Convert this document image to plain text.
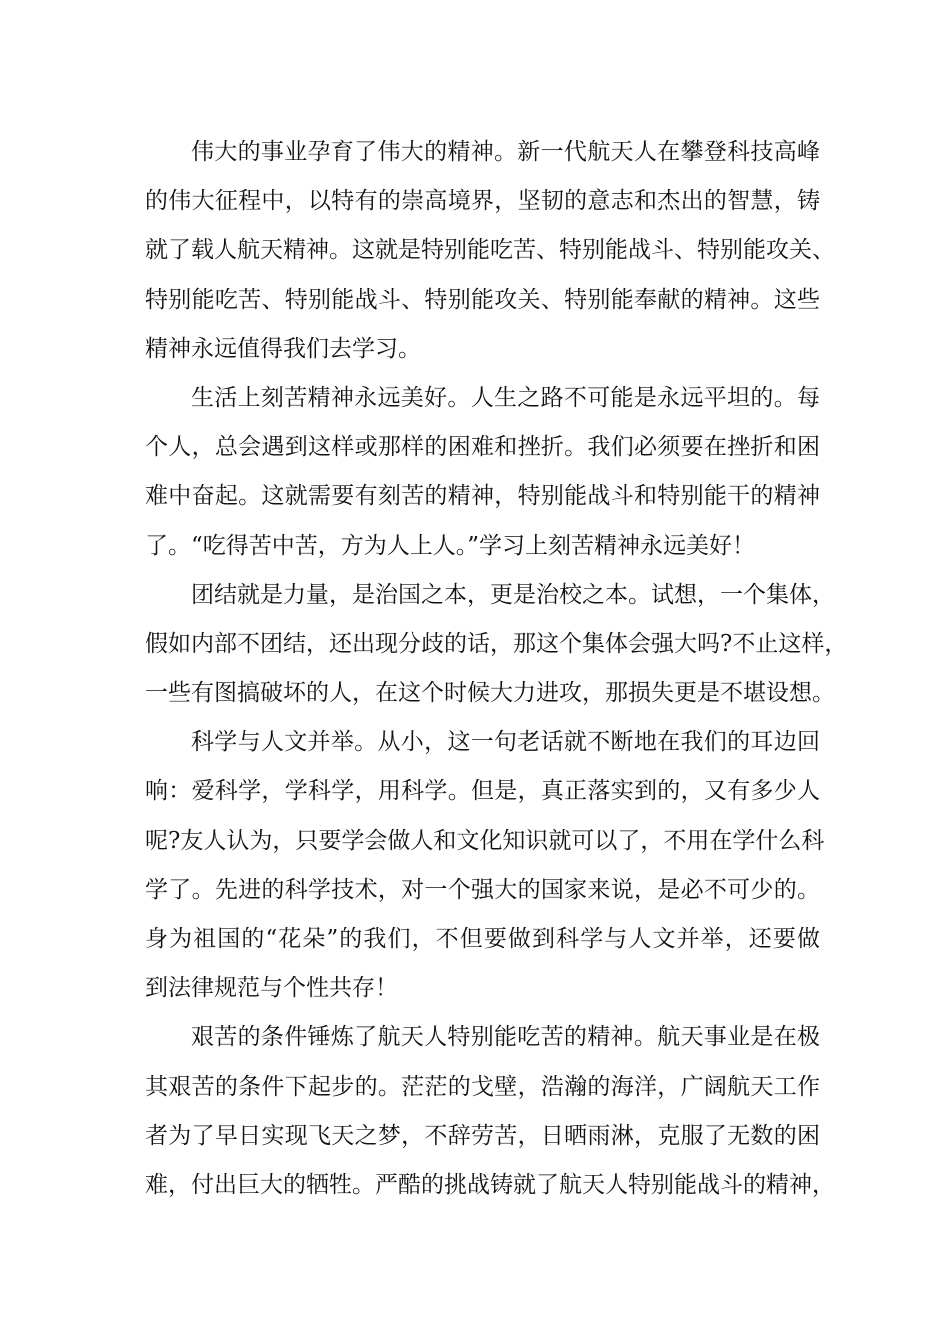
伟大的事业孕育了伟大的精神。新一代航天人在攀登科技高峰
的伟大征程中，以特有的崇高境界，坚韧的意志和杰出的智慧，铸
就了载人航天精神。这就是特别能吃苦、特别能战斗、特别能攻关、
特别能吃苦、特别能战斗、特别能攻关、特别能奉献的精神。这些
精神永远值得我们去学习。
生活上刻苦精神永远美好。人生之路不可能是永远平坦的。每
个人，总会遇到这样或那样的困难和挫折。我们必须要在挫折和困
难中奋起。这就需要有刻苦的精神，特别能战斗和特别能干的精神
了。“吃得苦中苦，方为人上人。”学习上刻苦精神永远美好！
团结就是力量，是治国之本，更是治校之本。试想，一个集体，
假如内部不团结，还出现分歧的话，那这个集体会强大吗?不止这样，
一些有图搞破坏的人，在这个时候大力进攻，那损失更是不堪设想。
科学与人文并举。从小，这一句老话就不断地在我们的耳边回
响：爱科学，学科学，用科学。但是，真正落实到的，又有多少人
呢?友人认为，只要学会做人和文化知识就可以了，不用在学什么科
学了。先进的科学技术，对一个强大的国家来说，是必不可少的。
身为祖国的“花朵”的我们，不但要做到科学与人文并举，还要做
到法律规范与个性共存！
艰苦的条件锤炼了航天人特别能吃苦的精神。航天事业是在极
其艰苦的条件下起步的。茫茫的戈壁，浩瀚的海洋，广阔航天工作
者为了早日实现飞天之梦，不辞劳苦，日晒雨淋，克服了无数的困
难，付出巨大的牺牲。严酷的挑战铸就了航天人特别能战斗的精神，
